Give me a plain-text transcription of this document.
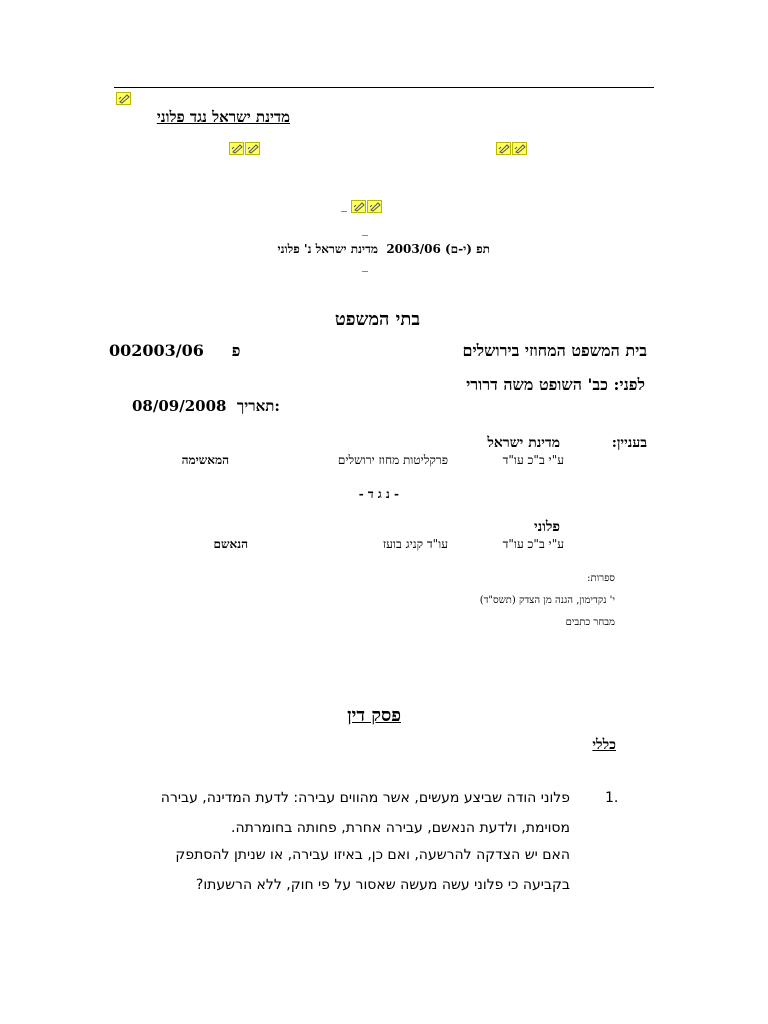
מדינת ישראל נגד פלוני
_
_
תפ (י-ם) 2003/06  מדינת ישראל נ' פלוני
_
בתי המשפט
בית המשפט המחוזי בירושלים
002003/06 פ
לפני: כב' השופט משה דרורי
08/09/2008 תאריך:
בעניין:
מדינת ישראל
ע"י ב"כ עו"ד
פרקליטות מחוז ירושלים
המאשימה
- נ ג ד -
פלוני
ע"י ב"כ עו"ד
עו"ד קניג בועז
הנאשם
ספרות:
י' נקדימון, הגנה מן הצדק (תשס"ד)
מבחר כתבים
פסק דין
כללי
1.
פלוני הודה שביצע מעשים, אשר מהווים עבירה: לדעת המדינה, עבירה
מסוימת, ולדעת הנאשם, עבירה אחרת, פחותה בחומרתה.
האם יש הצדקה להרשעה, ואם כן, באיזו עבירה, או שניתן להסתפק
בקביעה כי פלוני עשה מעשה שאסור על פי חוק, ללא הרשעתו?
